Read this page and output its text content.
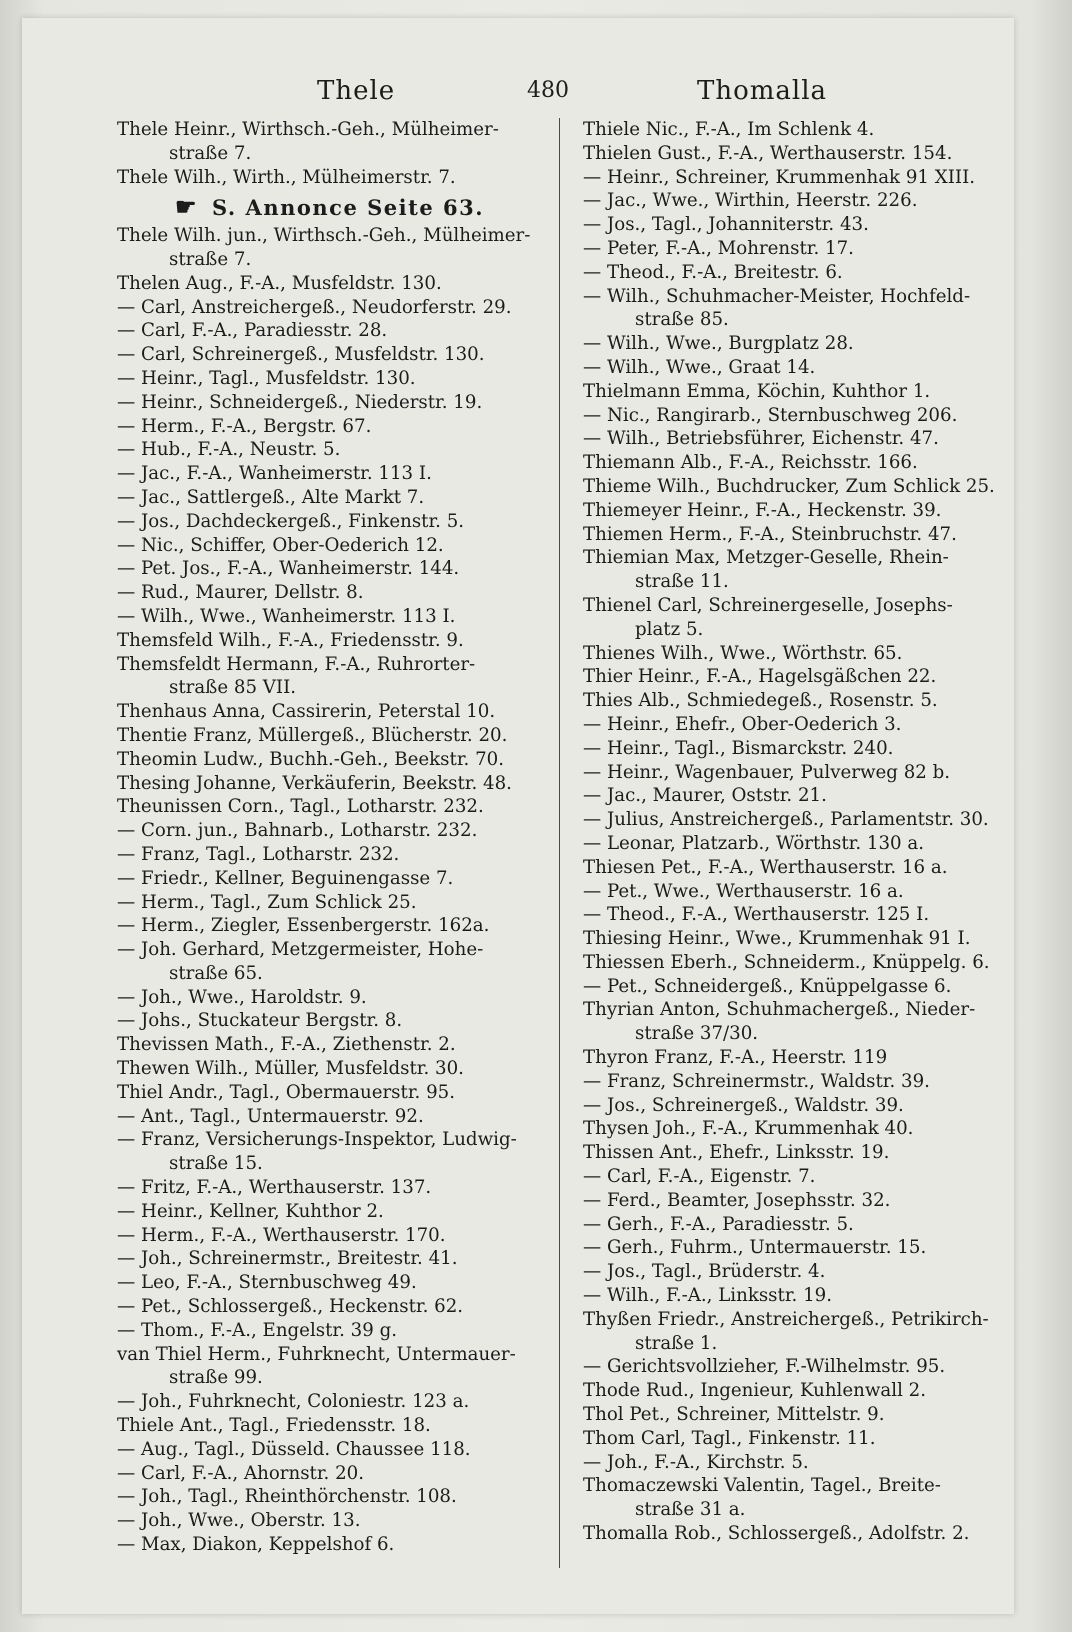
Thele	480	Thomalla
Thele Heinr., Wirthsch.-Geh., Mülheimer-
straße 7.
Thele Wilh., Wirth., Mülheimerstr. 7.
☛ S. Annonce Seite 63.
Thele Wilh. jun., Wirthsch.-Geh., Mülheimer-
straße 7.
Thelen Aug., F.-A., Musfeldstr. 130.
— Carl, Anstreichergeß., Neudorferstr. 29.
— Carl, F.-A., Paradiesstr. 28.
— Carl, Schreinergeß., Musfeldstr. 130.
— Heinr., Tagl., Musfeldstr. 130.
— Heinr., Schneidergeß., Niederstr. 19.
— Herm., F.-A., Bergstr. 67.
— Hub., F.-A., Neustr. 5.
— Jac., F.-A., Wanheimerstr. 113 I.
— Jac., Sattlergeß., Alte Markt 7.
— Jos., Dachdeckergeß., Finkenstr. 5.
— Nic., Schiffer, Ober-Oederich 12.
— Pet. Jos., F.-A., Wanheimerstr. 144.
— Rud., Maurer, Dellstr. 8.
— Wilh., Wwe., Wanheimerstr. 113 I.
Themsfeld Wilh., F.-A., Friedensstr. 9.
Themsfeldt Hermann, F.-A., Ruhrorter-
straße 85 VII.
Thenhaus Anna, Cassirerin, Peterstal 10.
Thentie Franz, Müllergeß., Blücherstr. 20.
Theomin Ludw., Buchh.-Geh., Beekstr. 70.
Thesing Johanne, Verkäuferin, Beekstr. 48.
Theunissen Corn., Tagl., Lotharstr. 232.
— Corn. jun., Bahnarb., Lotharstr. 232.
— Franz, Tagl., Lotharstr. 232.
— Friedr., Kellner, Beguinengasse 7.
— Herm., Tagl., Zum Schlick 25.
— Herm., Ziegler, Essenbergerstr. 162a.
— Joh. Gerhard, Metzgermeister, Hohe-
straße 65.
— Joh., Wwe., Haroldstr. 9.
— Johs., Stuckateur Bergstr. 8.
Thevissen Math., F.-A., Ziethenstr. 2.
Thewen Wilh., Müller, Musfeldstr. 30.
Thiel Andr., Tagl., Obermauerstr. 95.
— Ant., Tagl., Untermauerstr. 92.
— Franz, Versicherungs-Inspektor, Ludwig-
straße 15.
— Fritz, F.-A., Werthauserstr. 137.
— Heinr., Kellner, Kuhthor 2.
— Herm., F.-A., Werthauserstr. 170.
— Joh., Schreinermstr., Breitestr. 41.
— Leo, F.-A., Sternbuschweg 49.
— Pet., Schlossergeß., Heckenstr. 62.
— Thom., F.-A., Engelstr. 39 g.
van Thiel Herm., Fuhrknecht, Untermauer-
straße 99.
— Joh., Fuhrknecht, Coloniestr. 123 a.
Thiele Ant., Tagl., Friedensstr. 18.
— Aug., Tagl., Düsseld. Chaussee 118.
— Carl, F.-A., Ahornstr. 20.
— Joh., Tagl., Rheinthörchenstr. 108.
— Joh., Wwe., Oberstr. 13.
— Max, Diakon, Keppelshof 6.
Thiele Nic., F.-A., Im Schlenk 4.
Thielen Gust., F.-A., Werthauserstr. 154.
— Heinr., Schreiner, Krummenhak 91 XIII.
— Jac., Wwe., Wirthin, Heerstr. 226.
— Jos., Tagl., Johanniterstr. 43.
— Peter, F.-A., Mohrenstr. 17.
— Theod., F.-A., Breitestr. 6.
— Wilh., Schuhmacher-Meister, Hochfeld-
straße 85.
— Wilh., Wwe., Burgplatz 28.
— Wilh., Wwe., Graat 14.
Thielmann Emma, Köchin, Kuhthor 1.
— Nic., Rangirarb., Sternbuschweg 206.
— Wilh., Betriebsführer, Eichenstr. 47.
Thiemann Alb., F.-A., Reichsstr. 166.
Thieme Wilh., Buchdrucker, Zum Schlick 25.
Thiemeyer Heinr., F.-A., Heckenstr. 39.
Thiemen Herm., F.-A., Steinbruchstr. 47.
Thiemian Max, Metzger-Geselle, Rhein-
straße 11.
Thienel Carl, Schreinergeselle, Josephs-
platz 5.
Thienes Wilh., Wwe., Wörthstr. 65.
Thier Heinr., F.-A., Hagelsgäßchen 22.
Thies Alb., Schmiedegeß., Rosenstr. 5.
— Heinr., Ehefr., Ober-Oederich 3.
— Heinr., Tagl., Bismarckstr. 240.
— Heinr., Wagenbauer, Pulverweg 82 b.
— Jac., Maurer, Oststr. 21.
— Julius, Anstreichergeß., Parlamentstr. 30.
— Leonar, Platzarb., Wörthstr. 130 a.
Thiesen Pet., F.-A., Werthauserstr. 16 a.
— Pet., Wwe., Werthauserstr. 16 a.
— Theod., F.-A., Werthauserstr. 125 I.
Thiesing Heinr., Wwe., Krummenhak 91 I.
Thiessen Eberh., Schneiderm., Knüppelg. 6.
— Pet., Schneidergeß., Knüppelgasse 6.
Thyrian Anton, Schuhmachergeß., Nieder-
straße 37/30.
Thyron Franz, F.-A., Heerstr. 119
— Franz, Schreinermstr., Waldstr. 39.
— Jos., Schreinergeß., Waldstr. 39.
Thysen Joh., F.-A., Krummenhak 40.
Thissen Ant., Ehefr., Linksstr. 19.
— Carl, F.-A., Eigenstr. 7.
— Ferd., Beamter, Josephsstr. 32.
— Gerh., F.-A., Paradiesstr. 5.
— Gerh., Fuhrm., Untermauerstr. 15.
— Jos., Tagl., Brüderstr. 4.
— Wilh., F.-A., Linksstr. 19.
Thyßen Friedr., Anstreichergeß., Petrikirch-
straße 1.
— Gerichtsvollzieher, F.-Wilhelmstr. 95.
Thode Rud., Ingenieur, Kuhlenwall 2.
Thol Pet., Schreiner, Mittelstr. 9.
Thom Carl, Tagl., Finkenstr. 11.
— Joh., F.-A., Kirchstr. 5.
Thomaczewski Valentin, Tagel., Breite-
straße 31 a.
Thomalla Rob., Schlossergeß., Adolfstr. 2.
